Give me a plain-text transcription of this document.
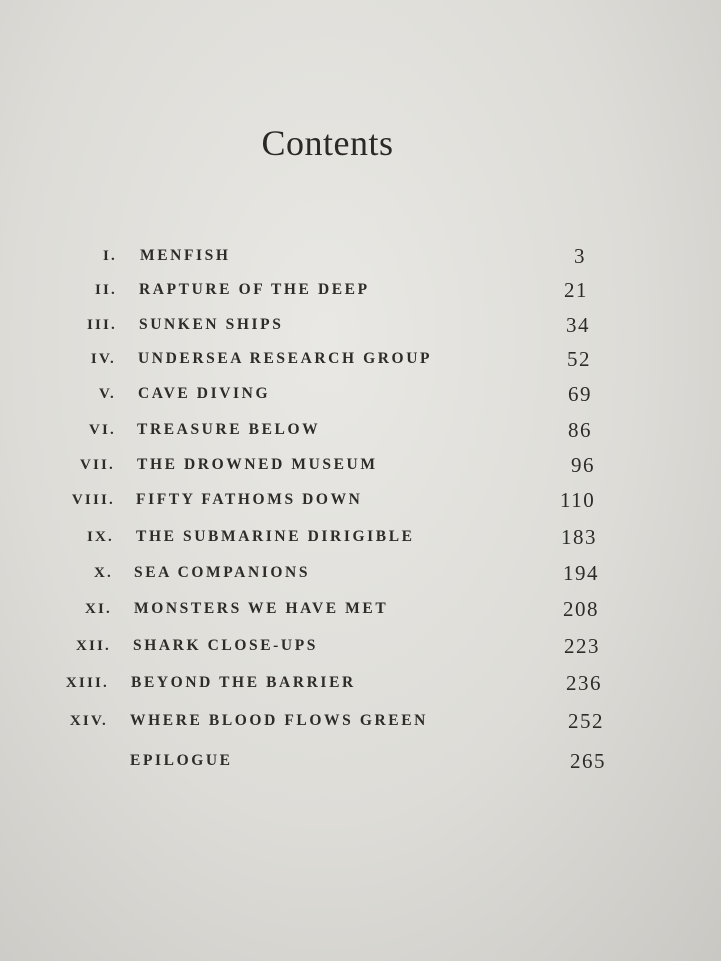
Contents
I. MENFISH	3
II. RAPTURE OF THE DEEP	21
III. SUNKEN SHIPS	34
IV. UNDERSEA RESEARCH GROUP	52
V. CAVE DIVING	69
VI. TREASURE BELOW	86
VII. THE DROWNED MUSEUM	96
VIII. FIFTY FATHOMS DOWN	110
IX. THE SUBMARINE DIRIGIBLE	183
X. SEA COMPANIONS	194
XI. MONSTERS WE HAVE MET	208
XII. SHARK CLOSE-UPS	223
XIII. BEYOND THE BARRIER	236
XIV. WHERE BLOOD FLOWS GREEN	252
EPILOGUE	265
